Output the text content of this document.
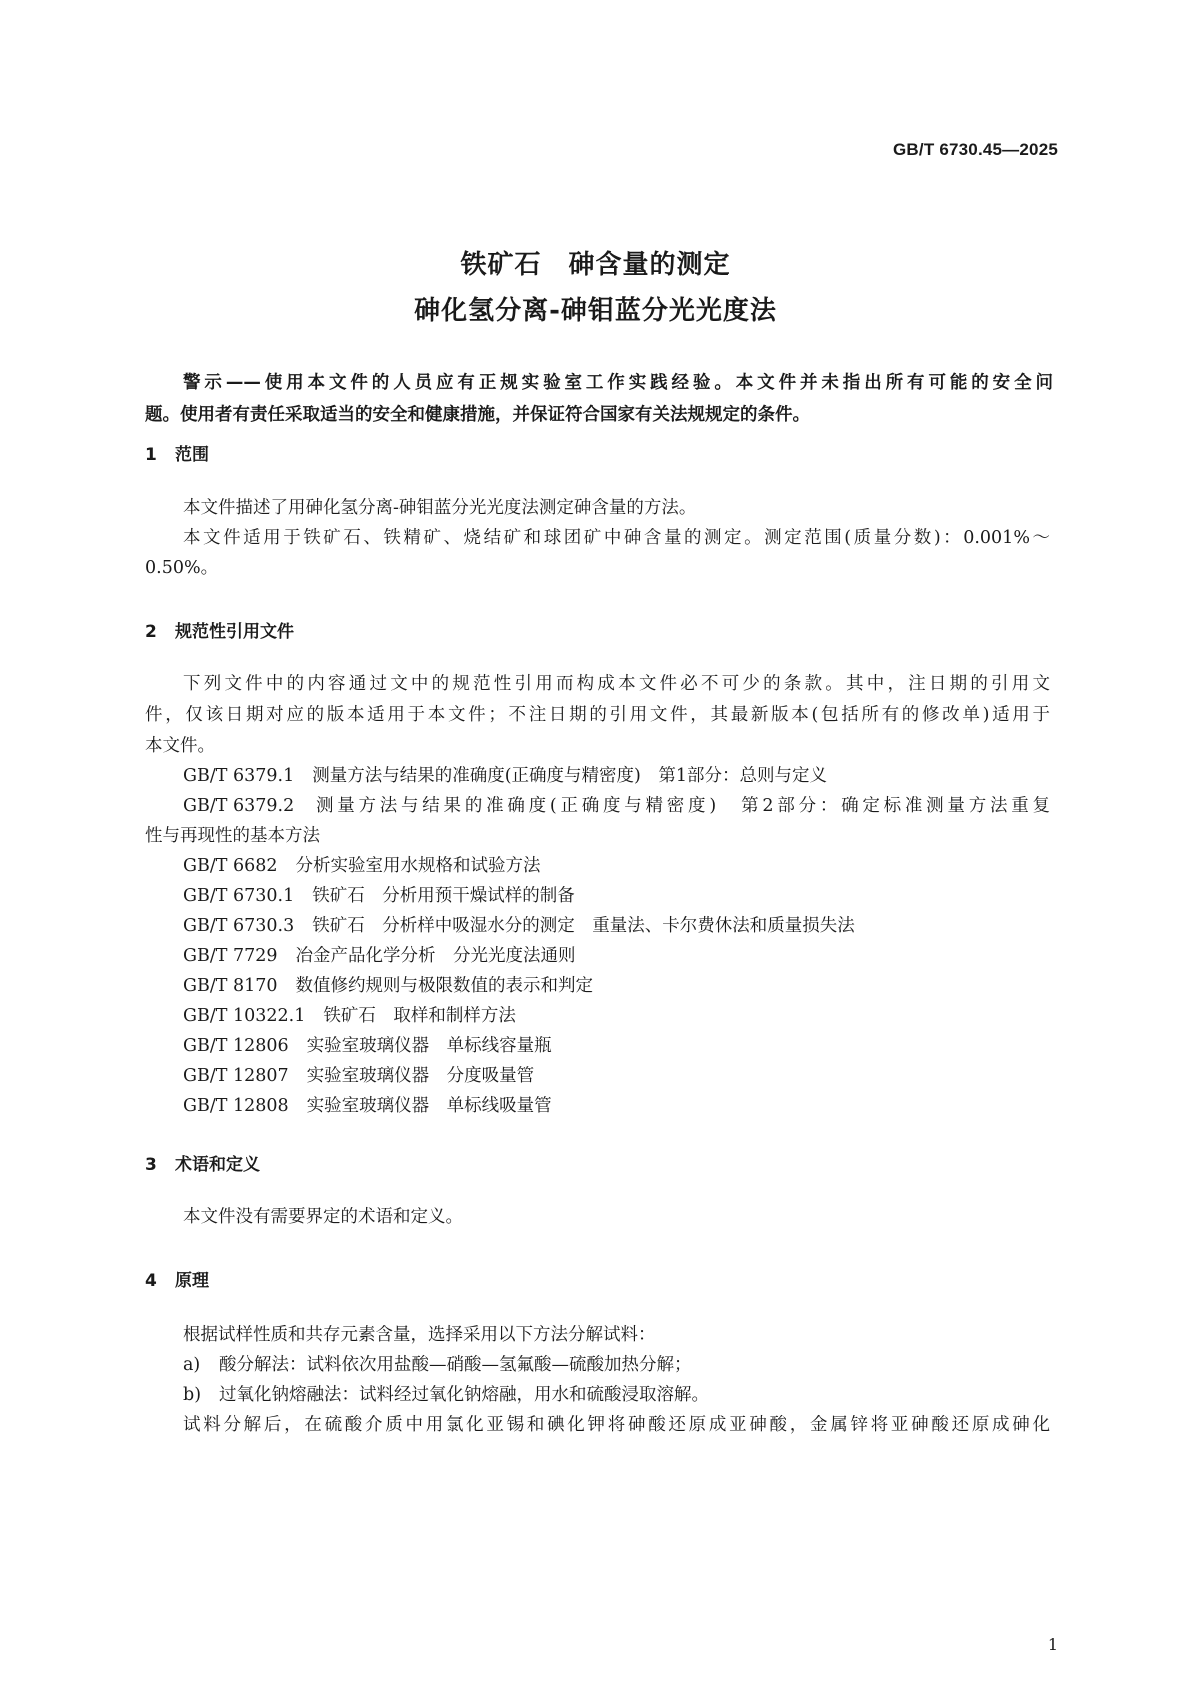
GB/T 6730.45—2025
铁矿石　砷含量的测定
砷化氢分离-砷钼蓝分光光度法
警示——使用本文件的人员应有正规实验室工作实践经验。本文件并未指出所有可能的安全问
题。使用者有责任采取适当的安全和健康措施，并保证符合国家有关法规规定的条件。
1 范围
本文件描述了用砷化氢分离-砷钼蓝分光光度法测定砷含量的方法。
本文件适用于铁矿石、铁精矿、烧结矿和球团矿中砷含量的测定。测定范围(质量分数)：0.001%～
0.50%。
2 规范性引用文件
下列文件中的内容通过文中的规范性引用而构成本文件必不可少的条款。其中，注日期的引用文
件，仅该日期对应的版本适用于本文件；不注日期的引用文件，其最新版本(包括所有的修改单)适用于
本文件。
GB/T 6379.1 测量方法与结果的准确度(正确度与精密度)　第1部分：总则与定义
GB/T 6379.2 测量方法与结果的准确度(正确度与精密度)　第2部分：确定标准测量方法重复
性与再现性的基本方法
GB/T 6682 分析实验室用水规格和试验方法
GB/T 6730.1 铁矿石　分析用预干燥试样的制备
GB/T 6730.3 铁矿石　分析样中吸湿水分的测定　重量法、卡尔费休法和质量损失法
GB/T 7729 冶金产品化学分析　分光光度法通则
GB/T 8170 数值修约规则与极限数值的表示和判定
GB/T 10322.1 铁矿石　取样和制样方法
GB/T 12806 实验室玻璃仪器　单标线容量瓶
GB/T 12807 实验室玻璃仪器　分度吸量管
GB/T 12808 实验室玻璃仪器　单标线吸量管
3 术语和定义
本文件没有需要界定的术语和定义。
4 原理
根据试样性质和共存元素含量，选择采用以下方法分解试料：
a) 酸分解法：试料依次用盐酸—硝酸—氢氟酸—硫酸加热分解；
b) 过氧化钠熔融法：试料经过氧化钠熔融，用水和硫酸浸取溶解。
试料分解后，在硫酸介质中用氯化亚锡和碘化钾将砷酸还原成亚砷酸，金属锌将亚砷酸还原成砷化
1
